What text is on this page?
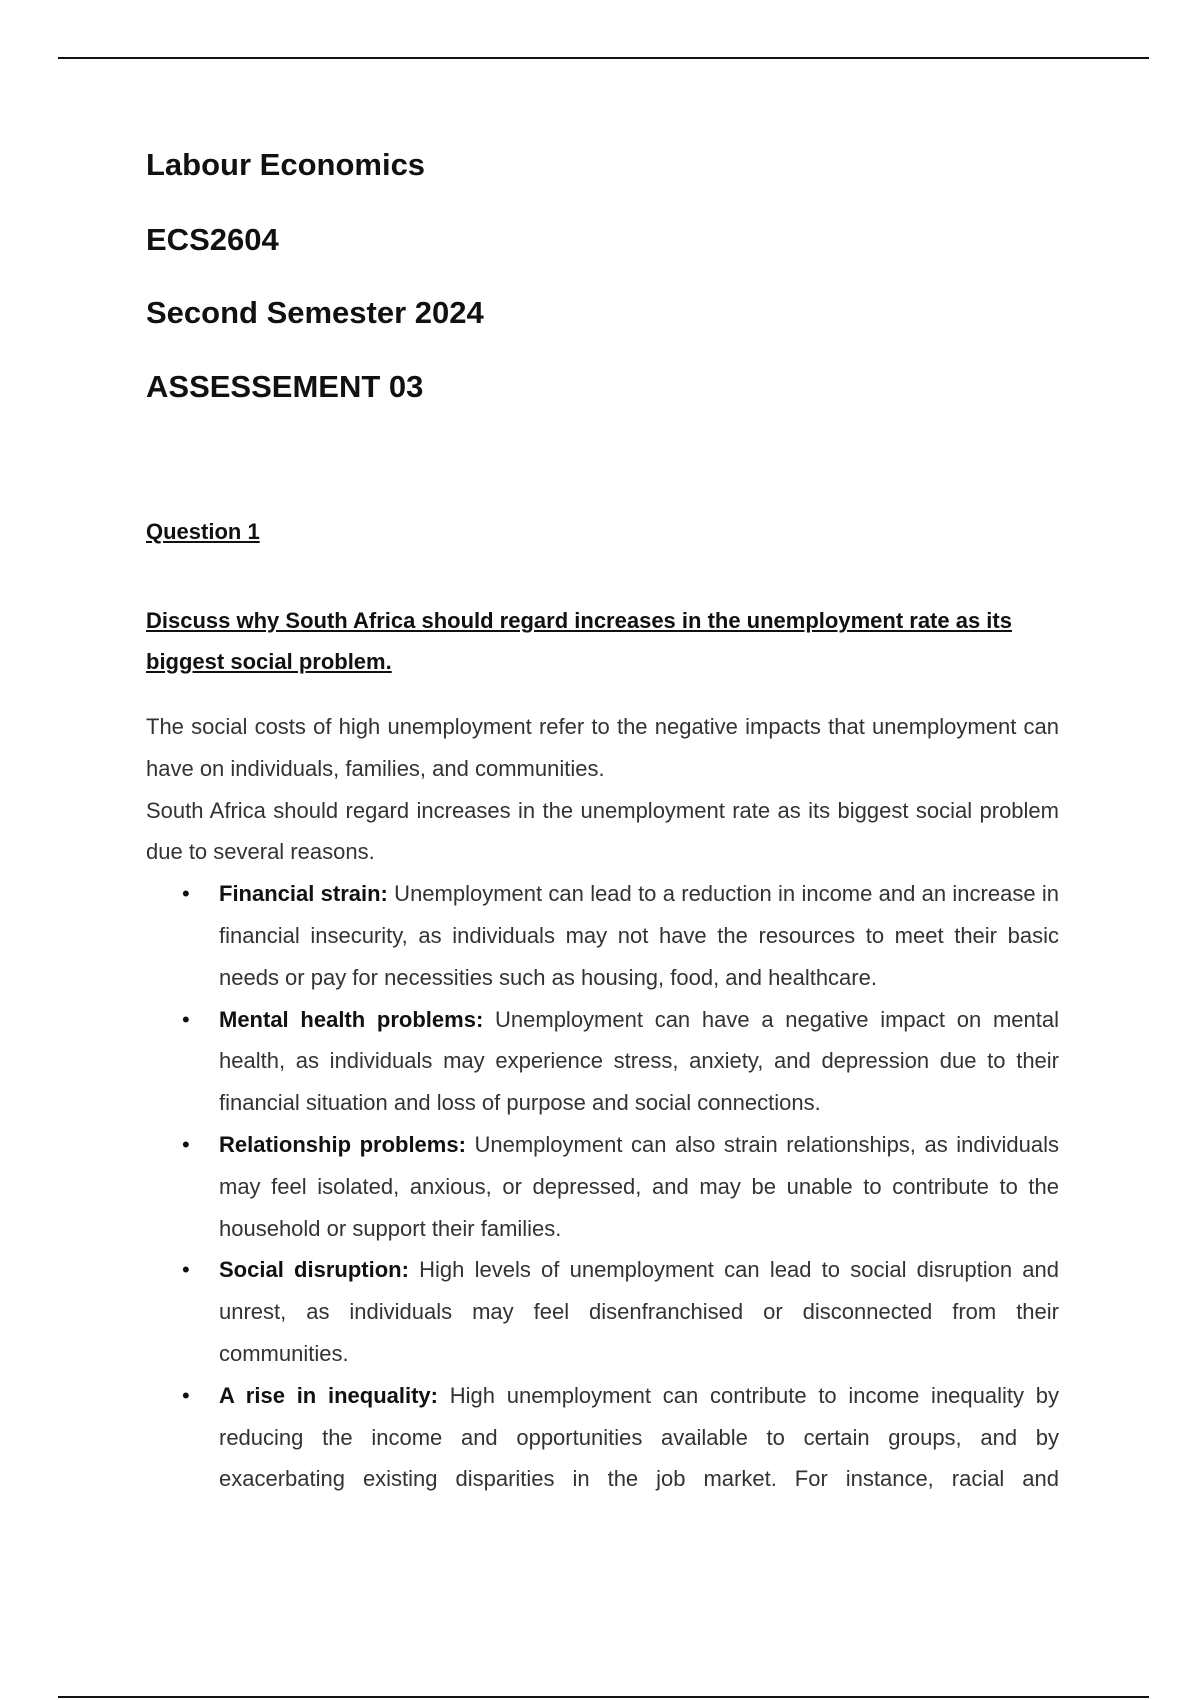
Labour Economics
ECS2604
Second Semester 2024
ASSESSEMENT 03
Question 1
Discuss why South Africa should regard increases in the unemployment rate as its biggest social problem.

The social costs of high unemployment refer to the negative impacts that unemployment can have on individuals, families, and communities.

South Africa should regard increases in the unemployment rate as its biggest social problem due to several reasons.

• Financial strain: Unemployment can lead to a reduction in income and an increase in financial insecurity, as individuals may not have the resources to meet their basic needs or pay for necessities such as housing, food, and healthcare.
• Mental health problems: Unemployment can have a negative impact on mental health, as individuals may experience stress, anxiety, and depression due to their financial situation and loss of purpose and social connections.
• Relationship problems: Unemployment can also strain relationships, as individuals may feel isolated, anxious, or depressed, and may be unable to contribute to the household or support their families.
• Social disruption: High levels of unemployment can lead to social disruption and unrest, as individuals may feel disenfranchised or disconnected from their communities.
• A rise in inequality: High unemployment can contribute to income inequality by reducing the income and opportunities available to certain groups, and by exacerbating existing disparities in the job market. For instance, racial and
